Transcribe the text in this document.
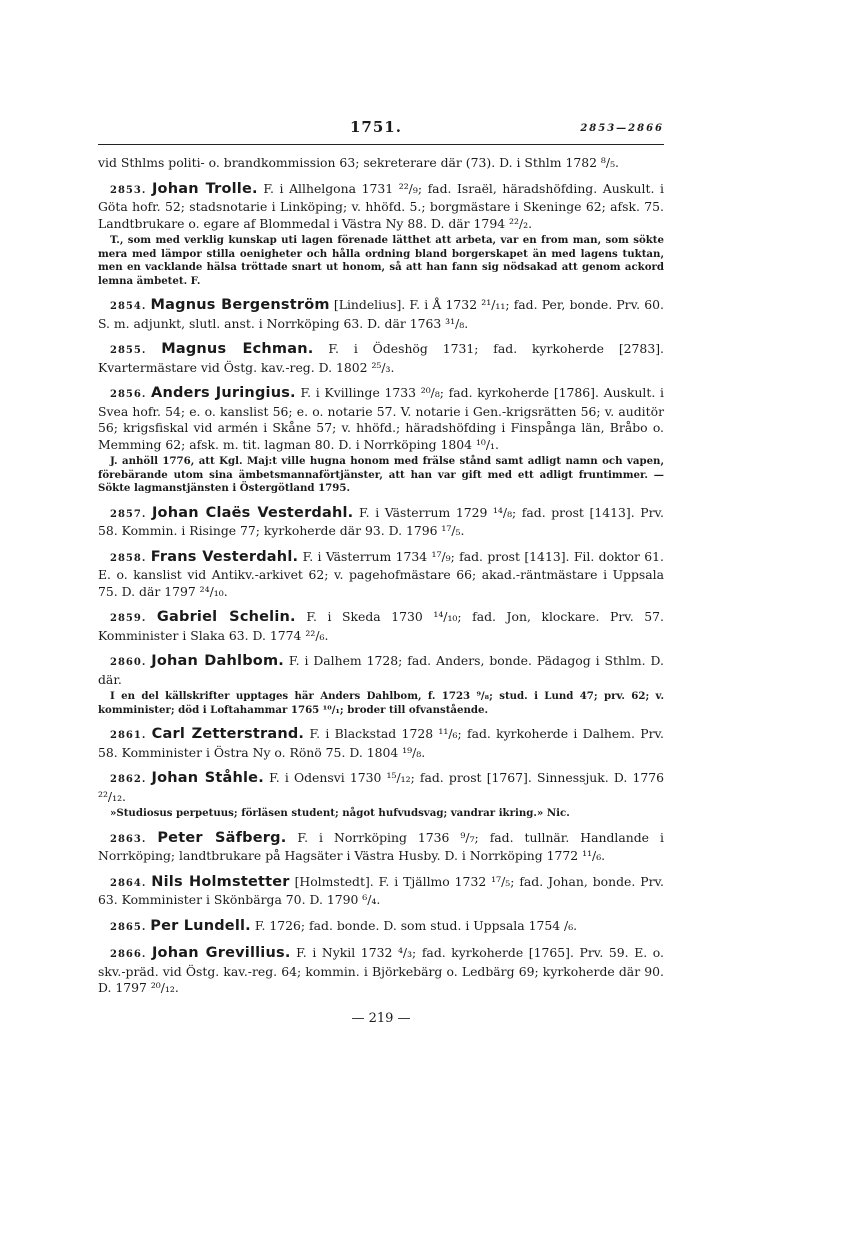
1751.	2853—2866

vid Sthlms politi- o. brandkommission 63; sekreterare där (73). D. i Sthlm 1782 ⁸/₅.

2853. Johan Trolle. F. i Allhelgona 1731 ²²/₉; fad. Israël, häradshöfding. Auskult. i Göta hofr. 52; stadsnotarie i Linköping; v. hhöfd. 5.; borgmästare i Skeninge 62; afsk. 75. Landtbrukare o. egare af Blommedal i Västra Ny 88. D. där 1794 ²²/₂.

T., som med verklig kunskap uti lagen förenade lätthet att arbeta, var en from man, som sökte mera med lämpor stilla oenigheter och hålla ordning bland borgerskapet än med lagens tuktan, men en vacklande hälsa tröttade snart ut honom, så att han fann sig nödsakad att genom ackord lemna ämbetet. F.

2854. Magnus Bergenström [Lindelius]. F. i Å 1732 ²¹/₁₁; fad. Per, bonde. Prv. 60. S. m. adjunkt, slutl. anst. i Norrköping 63. D. där 1763 ³¹/₈.

2855. Magnus Echman. F. i Ödeshög 1731; fad. kyrkoherde [2783]. Kvartermästare vid Östg. kav.-reg. D. 1802 ²⁵/₃.

2856. Anders Juringius. F. i Kvillinge 1733 ²⁰/₈; fad. kyrkoherde [1786]. Auskult. i Svea hofr. 54; e. o. kanslist 56; e. o. notarie 57. V. notarie i Gen.-krigsrätten 56; v. auditör 56; krigsfiskal vid armén i Skåne 57; v. hhöfd.; häradshöfding i Finspånga län, Bråbo o. Memming 62; afsk. m. tit. lagman 80. D. i Norrköping 1804 ¹⁰/₁.

J. anhöll 1776, att Kgl. Maj:t ville hugna honom med frälse stånd samt adligt namn och vapen, förebärande utom sina ämbetsmannaförtjänster, att han var gift med ett adligt fruntimmer. — Sökte lagmanstjänsten i Östergötland 1795.

2857. Johan Claës Vesterdahl. F. i Västerrum 1729 ¹⁴/₈; fad. prost [1413]. Prv. 58. Kommin. i Risinge 77; kyrkoherde där 93. D. 1796 ¹⁷/₅.

2858. Frans Vesterdahl. F. i Västerrum 1734 ¹⁷/₉; fad. prost [1413]. Fil. doktor 61. E. o. kanslist vid Antikv.-arkivet 62; v. pagehofmästare 66; akad.-räntmästare i Uppsala 75. D. där 1797 ²⁴/₁₀.

2859. Gabriel Schelin. F. i Skeda 1730 ¹⁴/₁₀; fad. Jon, klockare. Prv. 57. Komminister i Slaka 63. D. 1774 ²²/₆.

2860. Johan Dahlbom. F. i Dalhem 1728; fad. Anders, bonde. Pädagog i Sthlm. D. där.

I en del källskrifter upptages här Anders Dahlbom, f. 1723 ⁹/₈; stud. i Lund 47; prv. 62; v. komminister; död i Loftahammar 1765 ¹⁰/₁; broder till ofvanstående.

2861. Carl Zetterstrand. F. i Blackstad 1728 ¹¹/₆; fad. kyrkoherde i Dalhem. Prv. 58. Komminister i Östra Ny o. Rönö 75. D. 1804 ¹⁹/₈.

2862. Johan Ståhle. F. i Odensvi 1730 ¹⁵/₁₂; fad. prost [1767]. Sinnessjuk. D. 1776 ²²/₁₂.

»Studiosus perpetuus; förläsen student; något hufvudsvag; vandrar ikring.» Nic.

2863. Peter Säfberg. F. i Norrköping 1736 ⁹/₇; fad. tullnär. Handlande i Norrköping; landtbrukare på Hagsäter i Västra Husby. D. i Norrköping 1772 ¹¹/₆.

2864. Nils Holmstetter [Holmstedt]. F. i Tjällmo 1732 ¹⁷/₅; fad. Johan, bonde. Prv. 63. Komminister i Skönbärga 70. D. 1790 ⁶/₄.

2865. Per Lundell. F. 1726; fad. bonde. D. som stud. i Uppsala 1754 /₆.

2866. Johan Grevillius. F. i Nykil 1732 ⁴/₃; fad. kyrkoherde [1765]. Prv. 59. E. o. skv.-präd. vid Östg. kav.-reg. 64; kommin. i Björkebärg o. Ledbärg 69; kyrkoherde där 90. D. 1797 ²⁰/₁₂.

— 219 —
